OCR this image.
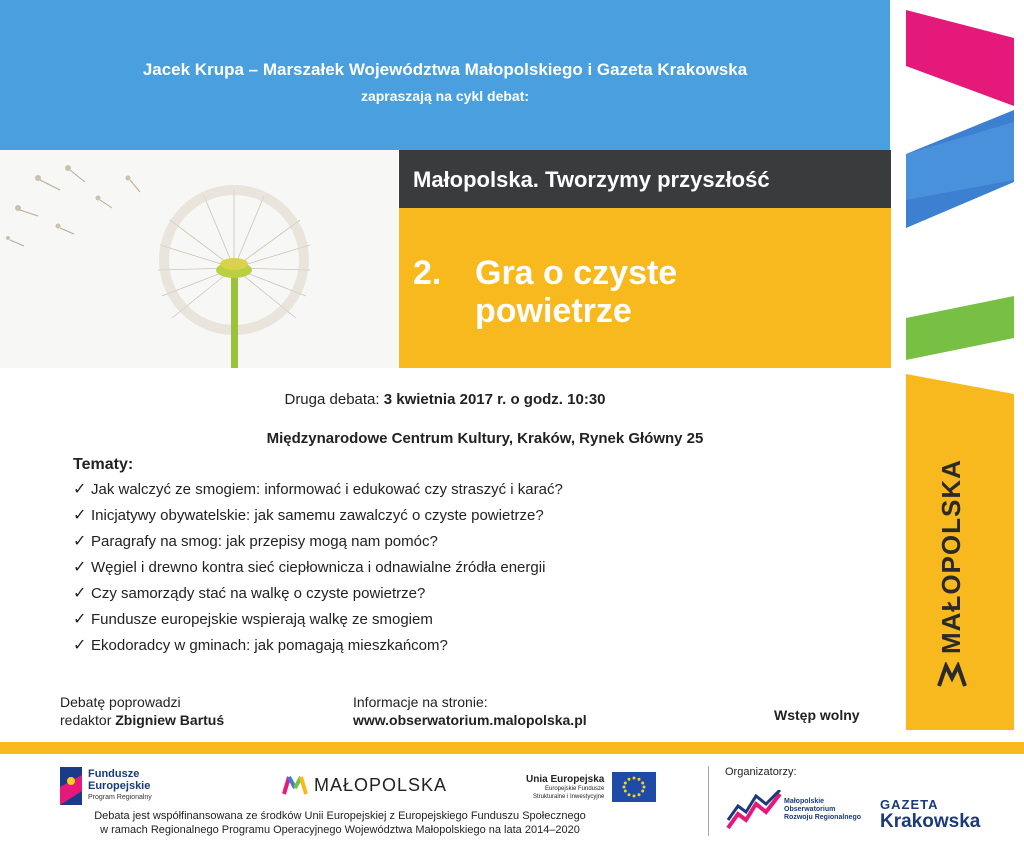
Jacek Krupa – Marszałek Województwa Małopolskiego i Gazeta Krakowska
zapraszają na cykl debat:
Małopolska. Tworzymy przyszłość
2. Gra o czyste powietrze
MAŁOPOLSKA
Druga debata: 3 kwietnia 2017 r. o godz. 10:30
Międzynarodowe Centrum Kultury, Kraków, Rynek Główny 25
Tematy:
✓ Jak walczyć ze smogiem: informować i edukować czy straszyć i karać?
✓ Inicjatywy obywatelskie: jak samemu zawalczyć o czyste powietrze?
✓ Paragrafy na smog: jak przepisy mogą nam pomóc?
✓ Węgiel i drewno kontra sieć ciepłownicza i odnawialne źródła energii
✓ Czy samorządy stać na walkę o czyste powietrze?
✓ Fundusze europejskie wspierają walkę ze smogiem
✓ Ekodoradcy w gminach: jak pomagają mieszkańcom?
Debatę poprowadzi
redaktor Zbigniew Bartuś
Informacje na stronie:
www.obserwatorium.malopolska.pl	Wstęp wolny
Fundusze
Europejskie
Program Regionalny
MAŁOPOLSKA	Unia Europejska
Europejskie Fundusze
Strukturalne i Inwestycyjne
Organizatorzy:
Małopolskie
Obserwatorium
Rozwoju Regionalnego
GAZETA
Krakowska
Debata jest współfinansowana ze środków Unii Europejskiej z Europejskiego Funduszu Społecznego
w ramach Regionalnego Programu Operacyjnego Województwa Małopolskiego na lata 2014–2020
